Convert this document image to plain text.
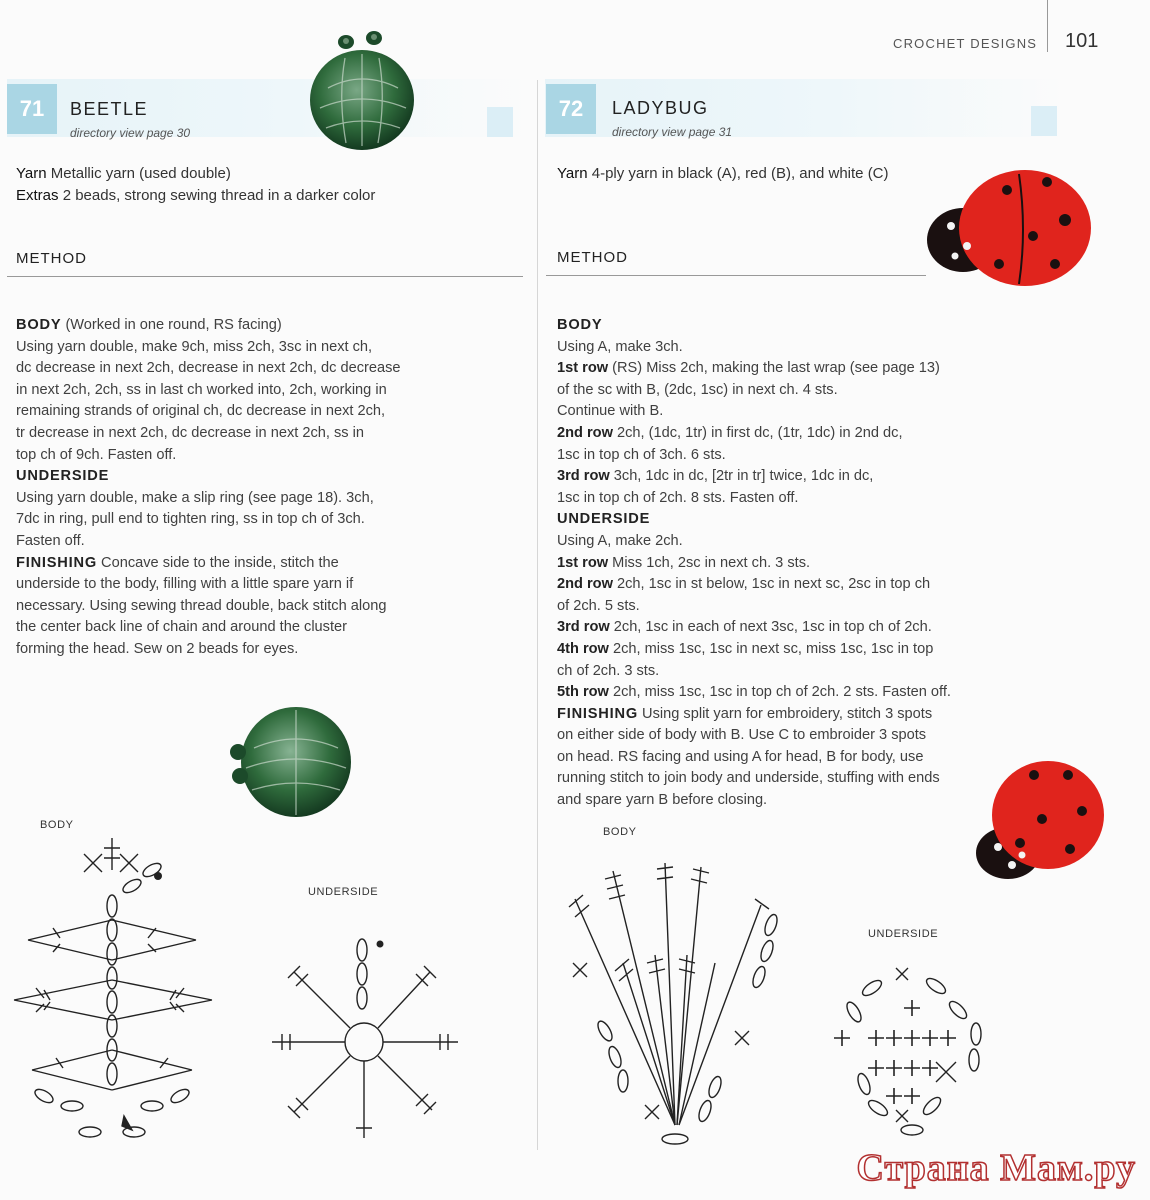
CROCHET DESIGNS 101
71 BEETLE
directory view page 30
Yarn Metallic yarn (used double)
Extras 2 beads, strong sewing thread in a darker color
METHOD

BODY (Worked in one round, RS facing)

Using yarn double, make 9ch, miss 2ch, 3sc in next ch,

dc decrease in next 2ch, decrease in next 2ch, dc decrease

in next 2ch, 2ch, ss in last ch worked into, 2ch, working in

remaining strands of original ch, dc decrease in next 2ch,

tr decrease in next 2ch, dc decrease in next 2ch, ss in

top ch of 9ch. Fasten off.

UNDERSIDE

Using yarn double, make a slip ring (see page 18). 3ch,

7dc in ring, pull end to tighten ring, ss in top ch of 3ch.

Fasten off.

FINISHING Concave side to the inside, stitch the

underside to the body, filling with a little spare yarn if

necessary. Using sewing thread double, back stitch along

the center back line of chain and around the cluster

forming the head. Sew on 2 beads for eyes.

BODY
UNDERSIDE
72 LADYBUG
directory view page 31
Yarn 4-ply yarn in black (A), red (B), and white (C)
METHOD

BODY

Using A, make 3ch.

1st row (RS) Miss 2ch, making the last wrap (see page 13)

of the sc with B, (2dc, 1sc) in next ch. 4 sts.

Continue with B.

2nd row 2ch, (1dc, 1tr) in first dc, (1tr, 1dc) in 2nd dc,

1sc in top ch of 3ch. 6 sts.

3rd row 3ch, 1dc in dc, [2tr in tr] twice, 1dc in dc,

1sc in top ch of 2ch. 8 sts. Fasten off.

UNDERSIDE

Using A, make 2ch.

1st row Miss 1ch, 2sc in next ch. 3 sts.

2nd row 2ch, 1sc in st below, 1sc in next sc, 2sc in top ch

of 2ch. 5 sts.

3rd row 2ch, 1sc in each of next 3sc, 1sc in top ch of 2ch.

4th row 2ch, miss 1sc, 1sc in next sc, miss 1sc, 1sc in top

ch of 2ch. 3 sts.

5th row 2ch, miss 1sc, 1sc in top ch of 2ch. 2 sts. Fasten off.

FINISHING Using split yarn for embroidery, stitch 3 spots

on either side of body with B. Use C to embroider 3 spots

on head. RS facing and using A for head, B for body, use

running stitch to join body and underside, stuffing with ends

and spare yarn B before closing.

BODY
UNDERSIDE
Страна Мам.ру
